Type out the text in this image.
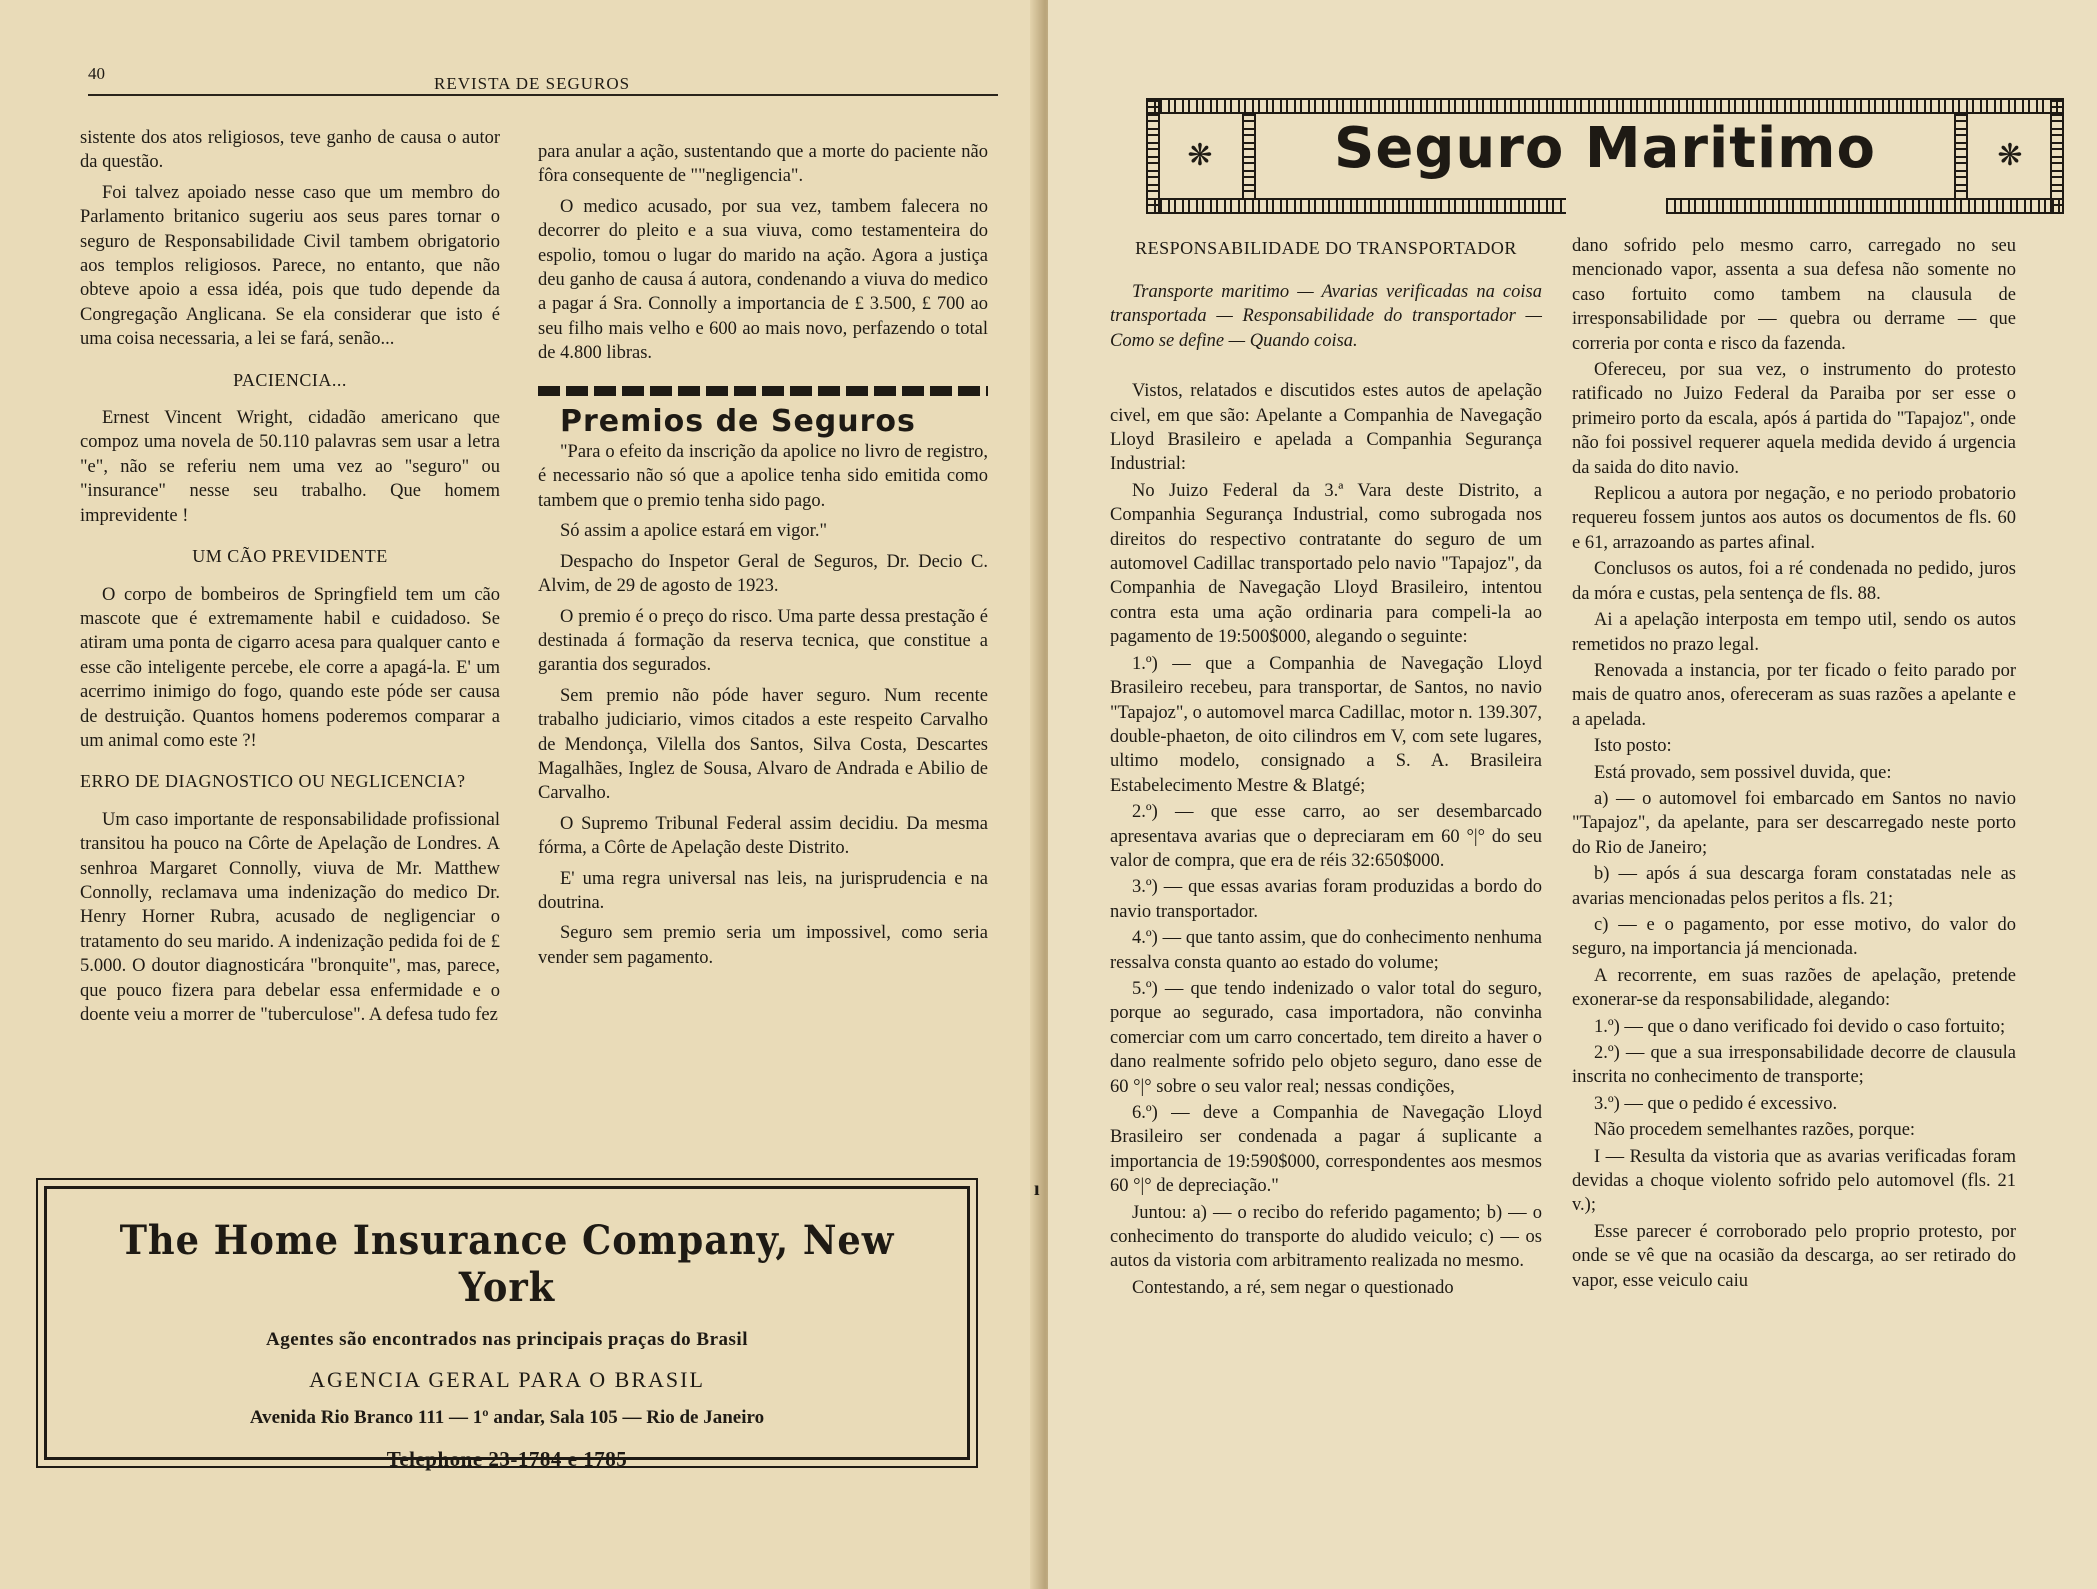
40
REVISTA DE SEGUROS

sistente dos atos religiosos, teve ganho de causa o autor da questão.

Foi talvez apoiado nesse caso que um membro do Parlamento britanico sugeriu aos seus pares tornar o seguro de Responsabilidade Civil tambem obrigatorio aos templos religiosos. Parece, no entanto, que não obteve apoio a essa idéa, pois que tudo depende da Congregação Anglicana. Se ela considerar que isto é uma coisa necessaria, a lei se fará, senão...

PACIENCIA...

Ernest Vincent Wright, cidadão americano que compoz uma novela de 50.110 palavras sem usar a letra "e", não se referiu nem uma vez ao "seguro" ou "insurance" nesse seu trabalho. Que homem imprevidente !

UM CÃO PREVIDENTE

O corpo de bombeiros de Springfield tem um cão mascote que é extremamente habil e cuidadoso. Se atiram uma ponta de cigarro acesa para qualquer canto e esse cão inteligente percebe, ele corre a apagá-la. E' um acerrimo inimigo do fogo, quando este póde ser causa de destruição. Quantos homens poderemos comparar a um animal como este ?!

ERRO DE DIAGNOSTICO OU NEGLICENCIA?

Um caso importante de responsabilidade profissional transitou ha pouco na Côrte de Apelação de Londres. A senhroa Margaret Connolly, viuva de Mr. Matthew Connolly, reclamava uma indenização do medico Dr. Henry Horner Rubra, acusado de negligenciar o tratamento do seu marido. A indenização pedida foi de £ 5.000. O doutor diagnosticára "bronquite", mas, parece, que pouco fizera para debelar essa enfermidade e o doente veiu a morrer de "tuberculose". A defesa tudo fez

para anular a ação, sustentando que a morte do paciente não fôra consequente de ""negligencia".

O medico acusado, por sua vez, tambem falecera no decorrer do pleito e a sua viuva, como testamenteira do espolio, tomou o lugar do marido na ação. Agora a justiça deu ganho de causa á autora, condenando a viuva do medico a pagar á Sra. Connolly a importancia de £ 3.500, £ 700 ao seu filho mais velho e 600 ao mais novo, perfazendo o total de 4.800 libras.

Premios de Seguros

"Para o efeito da inscrição da apolice no livro de registro, é necessario não só que a apolice tenha sido emitida como tambem que o premio tenha sido pago.

Só assim a apolice estará em vigor."

Despacho do Inspetor Geral de Seguros, Dr. Decio C. Alvim, de 29 de agosto de 1923.

O premio é o preço do risco. Uma parte dessa prestação é destinada á formação da reserva tecnica, que constitue a garantia dos segurados.

Sem premio não póde haver seguro. Num recente trabalho judiciario, vimos citados a este respeito Carvalho de Mendonça, Vilella dos Santos, Silva Costa, Descartes Magalhães, Inglez de Sousa, Alvaro de Andrada e Abilio de Carvalho.

O Supremo Tribunal Federal assim decidiu. Da mesma fórma, a Côrte de Apelação deste Distrito.

E' uma regra universal nas leis, na jurisprudencia e na doutrina.

Seguro sem premio seria um impossivel, como seria vender sem pagamento.

The Home Insurance Company, New York
Agentes são encontrados nas principais praças do Brasil
AGENCIA GERAL PARA O BRASIL
Avenida Rio Branco 111 — 1º andar, Sala 105 — Rio de Janeiro
Telephone 23-1784 e 1785
ı
❋	❋
Seguro Maritimo
RESPONSABILIDADE DO TRANSPORTADOR

Transporte maritimo — Avarias verificadas na coisa transportada — Responsabilidade do transportador — Como se define — Quando coisa.

Vistos, relatados e discutidos estes autos de apelação civel, em que são: Apelante a Companhia de Navegação Lloyd Brasileiro e apelada a Companhia Segurança Industrial:

No Juizo Federal da 3.ª Vara deste Distrito, a Companhia Segurança Industrial, como subrogada nos direitos do respectivo contratante do seguro de um automovel Cadillac transportado pelo navio "Tapajoz", da Companhia de Navegação Lloyd Brasileiro, intentou contra esta uma ação ordinaria para compeli-la ao pagamento de 19:500$000, alegando o seguinte:

1.º) — que a Companhia de Navegação Lloyd Brasileiro recebeu, para transportar, de Santos, no navio "Tapajoz", o automovel marca Cadillac, motor n. 139.307, double-phaeton, de oito cilindros em V, com sete lugares, ultimo modelo, consignado a S. A. Brasileira Estabelecimento Mestre & Blatgé;

2.º) — que esse carro, ao ser desembarcado apresentava avarias que o depreciaram em 60 °|° do seu valor de compra, que era de réis 32:650$000.

3.º) — que essas avarias foram produzidas a bordo do navio transportador.

4.º) — que tanto assim, que do conhecimento nenhuma ressalva consta quanto ao estado do volume;

5.º) — que tendo indenizado o valor total do seguro, porque ao segurado, casa importadora, não convinha comerciar com um carro concertado, tem direito a haver o dano realmente sofrido pelo objeto seguro, dano esse de 60 °|° sobre o seu valor real; nessas condições,

6.º) — deve a Companhia de Navegação Lloyd Brasileiro ser condenada a pagar á suplicante a importancia de 19:590$000, correspondentes aos mesmos 60 °|° de depreciação."

Juntou: a) — o recibo do referido pagamento; b) — o conhecimento do transporte do aludido veiculo; c) — os autos da vistoria com arbitramento realizada no mesmo.

Contestando, a ré, sem negar o questionado

dano sofrido pelo mesmo carro, carregado no seu mencionado vapor, assenta a sua defesa não somente no caso fortuito como tambem na clausula de irresponsabilidade por — quebra ou derrame — que correria por conta e risco da fazenda.

Ofereceu, por sua vez, o instrumento do protesto ratificado no Juizo Federal da Paraiba por ser esse o primeiro porto da escala, após á partida do "Tapajoz", onde não foi possivel requerer aquela medida devido á urgencia da saida do dito navio.

Replicou a autora por negação, e no periodo probatorio requereu fossem juntos aos autos os documentos de fls. 60 e 61, arrazoando as partes afinal.

Conclusos os autos, foi a ré condenada no pedido, juros da móra e custas, pela sentença de fls. 88.

Ai a apelação interposta em tempo util, sendo os autos remetidos no prazo legal.

Renovada a instancia, por ter ficado o feito parado por mais de quatro anos, ofereceram as suas razões a apelante e a apelada.

Isto posto:

Está provado, sem possivel duvida, que:

a) — o automovel foi embarcado em Santos no navio "Tapajoz", da apelante, para ser descarregado neste porto do Rio de Janeiro;

b) — após á sua descarga foram constatadas nele as avarias mencionadas pelos peritos a fls. 21;

c) — e o pagamento, por esse motivo, do valor do seguro, na importancia já mencionada.

A recorrente, em suas razões de apelação, pretende exonerar-se da responsabilidade, alegando:

1.º) — que o dano verificado foi devido o caso fortuito;

2.º) — que a sua irresponsabilidade decorre de clausula inscrita no conhecimento de transporte;

3.º) — que o pedido é excessivo.

Não procedem semelhantes razões, porque:

I — Resulta da vistoria que as avarias verificadas foram devidas a choque violento sofrido pelo automovel (fls. 21 v.);

Esse parecer é corroborado pelo proprio protesto, por onde se vê que na ocasião da descarga, ao ser retirado do vapor, esse veiculo caiu
